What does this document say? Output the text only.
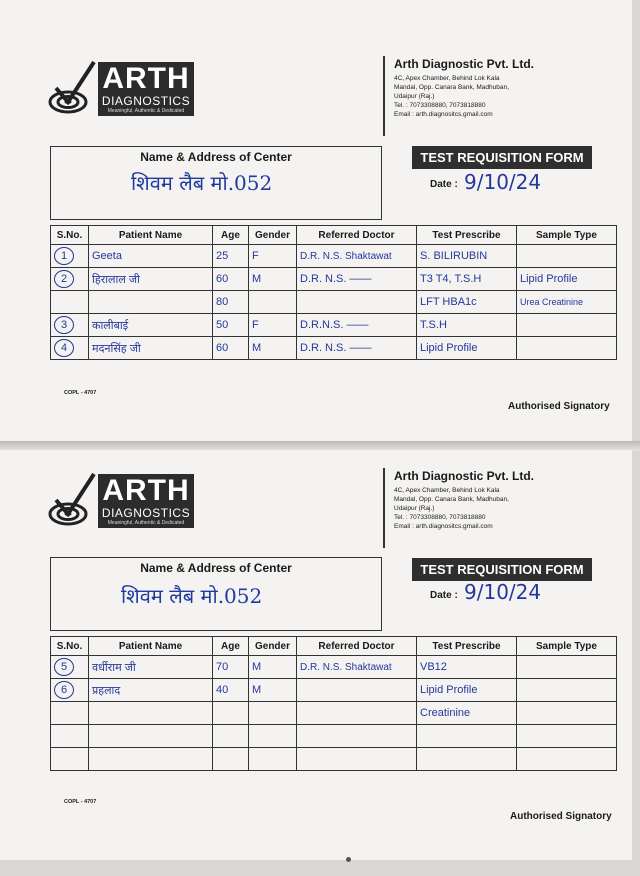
ARTH
DIAGNOSTICS
Meaningful, Authentic & Dedicated
Arth Diagnostic Pvt. Ltd.
4C, Apex Chamber, Behind Lok Kala
Mandal, Opp. Canara Bank, Madhuban,
Udaipur (Raj.)
Tel. : 7073308880, 7073818880
Email : arth.diagnositcs.gmail.com
Name & Address of Center
शिवम लैब मो.052
TEST REQUISITION FORM
Date : 9/10/24
S.No.	Patient Name	Age	Gender	Referred Doctor	Test Prescribe	Sample Type
1	Geeta	25	F	D.R. N.S. Shaktawat	S. BILIRUBIN	
2	हिरालाल जी	60	M	D.R. N.S. ——	T3 T4, T.S.H	Lipid Profile
		80			LFT HBA1c	Urea Creatinine
3	कालीबाई	50	F	D.R.N.S. ——	T.S.H	
4	मदनसिंह जी	60	M	D.R. N.S. ——	Lipid Profile	
COPL - 4707
Authorised Signatory
ARTH
DIAGNOSTICS
Meaningful, Authentic & Dedicated
Arth Diagnostic Pvt. Ltd.
4C, Apex Chamber, Behind Lok Kala
Mandal, Opp. Canara Bank, Madhuban,
Udaipur (Raj.)
Tel. : 7073308880, 7073818880
Email : arth.diagnositcs.gmail.com
Name & Address of Center
शिवम लैब मो.052
TEST REQUISITION FORM
Date : 9/10/24
S.No.	Patient Name	Age	Gender	Referred Doctor	Test Prescribe	Sample Type
5	वर्धीराम जी	70	M	D.R. N.S. Shaktawat	VB12	
6	प्रहलाद	40	M		Lipid Profile	
					Creatinine	

COPL - 4707
Authorised Signatory
